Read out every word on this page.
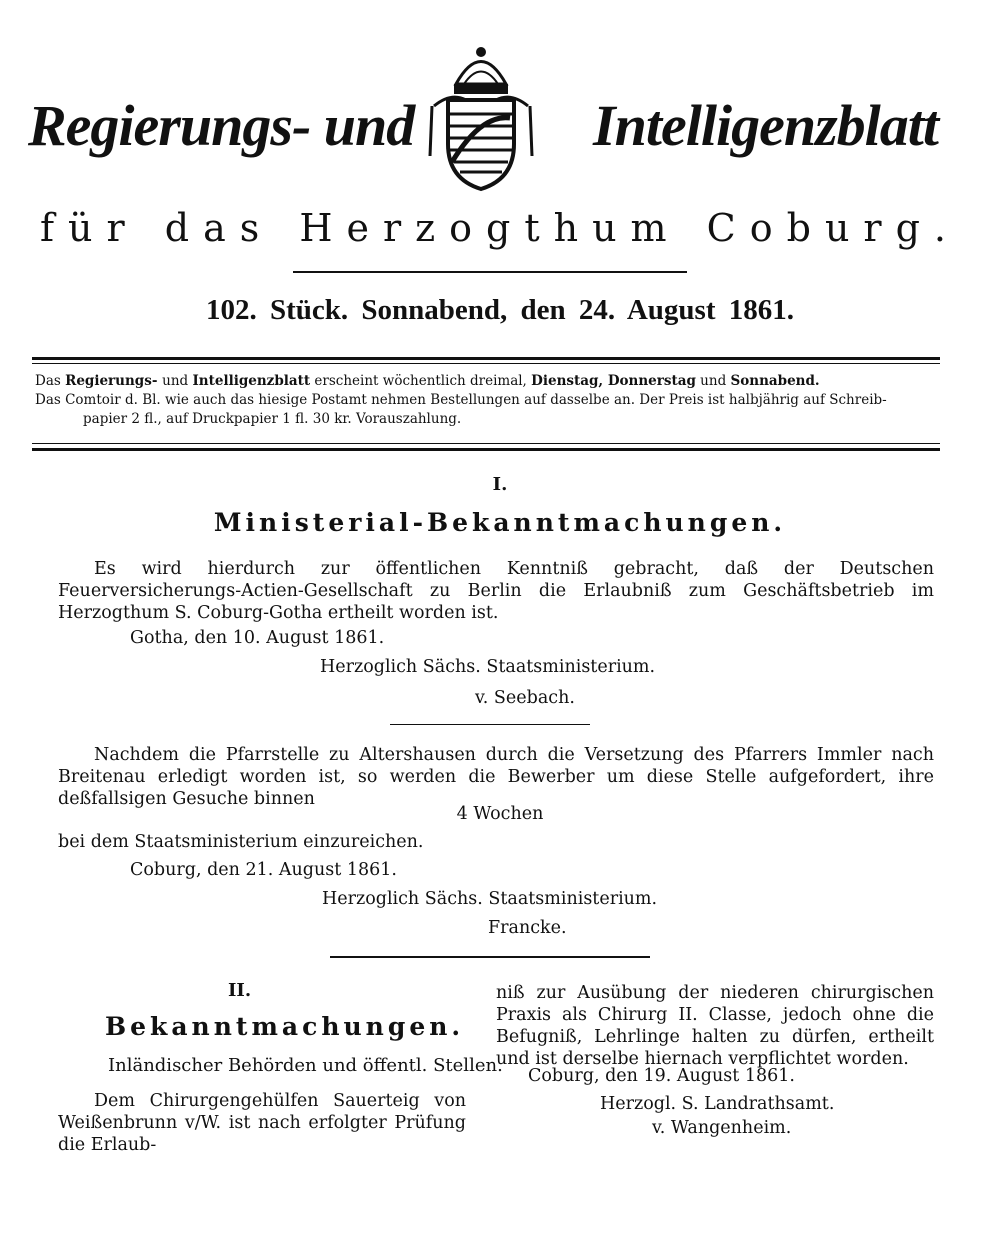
Regierungs- und	Intelligenzblatt
für das Herzogthum Coburg.
102. Stück. Sonnabend, den 24. August 1861.
Das Regierungs- und Intelligenzblatt erscheint wöchentlich dreimal, Dienstag, Donnerstag und Sonnabend.
Das Comtoir d. Bl. wie auch das hiesige Postamt nehmen Bestellungen auf dasselbe an. Der Preis ist halbjährig auf Schreib-
papier 2 fl., auf Druckpapier 1 fl. 30 kr. Vorauszahlung.
I.
Ministerial-Bekanntmachungen.
Es wird hierdurch zur öffentlichen Kenntniß gebracht, daß der Deutschen Feuerversicherungs-Actien-Gesellschaft zu Berlin die Erlaubniß zum Geschäftsbetrieb im Herzogthum S. Coburg-Gotha ertheilt worden ist.
Gotha, den 10. August 1861.
Herzoglich Sächs. Staatsministerium.
v. Seebach.
Nachdem die Pfarrstelle zu Altershausen durch die Versetzung des Pfarrers Immler nach Breitenau erledigt worden ist, so werden die Bewerber um diese Stelle aufgefordert, ihre deßfallsigen Gesuche binnen
4 Wochen
bei dem Staatsministerium einzureichen.
Coburg, den 21. August 1861.
Herzoglich Sächs. Staatsministerium.
Francke.
II.
Bekanntmachungen.
Inländischer Behörden und öffentl. Stellen.
Dem Chirurgengehülfen Sauerteig von Weißenbrunn v/W. ist nach erfolgter Prüfung die Erlaub-
niß zur Ausübung der niederen chirurgischen Praxis als Chirurg II. Classe, jedoch ohne die Befugniß, Lehrlinge halten zu dürfen, ertheilt und ist derselbe hiernach verpflichtet worden.
Coburg, den 19. August 1861.
Herzogl. S. Landrathsamt.
v. Wangenheim.
